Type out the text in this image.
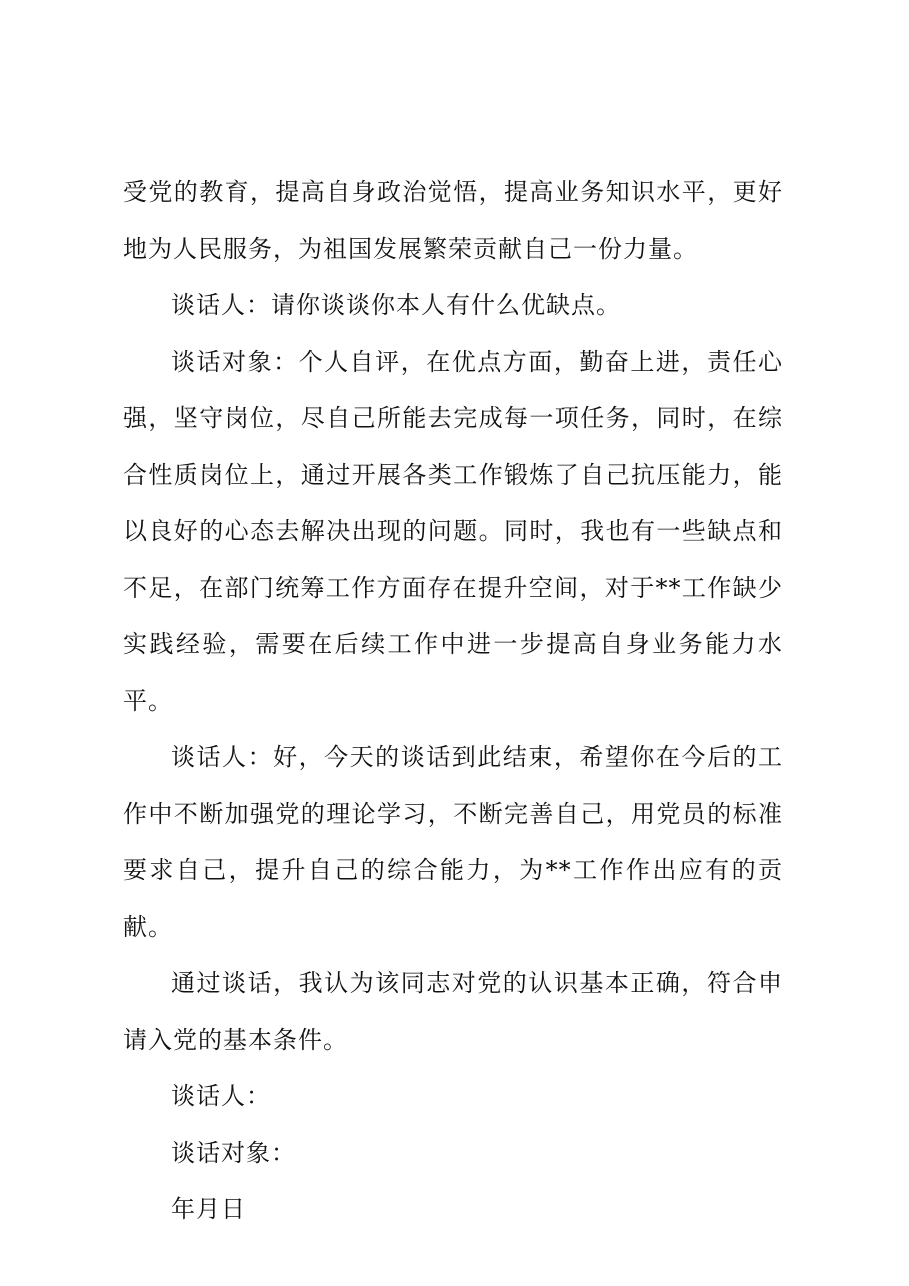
受党的教育，提高自身政治觉悟，提高业务知识水平，更好地为人民服务，为祖国发展繁荣贡献自己一份力量。

谈话人：请你谈谈你本人有什么优缺点。

谈话对象：个人自评，在优点方面，勤奋上进，责任心强，坚守岗位，尽自己所能去完成每一项任务，同时，在综合性质岗位上，通过开展各类工作锻炼了自己抗压能力，能以良好的心态去解决出现的问题。同时，我也有一些缺点和不足，在部门统筹工作方面存在提升空间，对于**工作缺少实践经验，需要在后续工作中进一步提高自身业务能力水平。

谈话人：好，今天的谈话到此结束，希望你在今后的工作中不断加强党的理论学习，不断完善自己，用党员的标准要求自己，提升自己的综合能力，为**工作作出应有的贡献。

通过谈话，我认为该同志对党的认识基本正确，符合申请入党的基本条件。

谈话人：

谈话对象：

年月日
